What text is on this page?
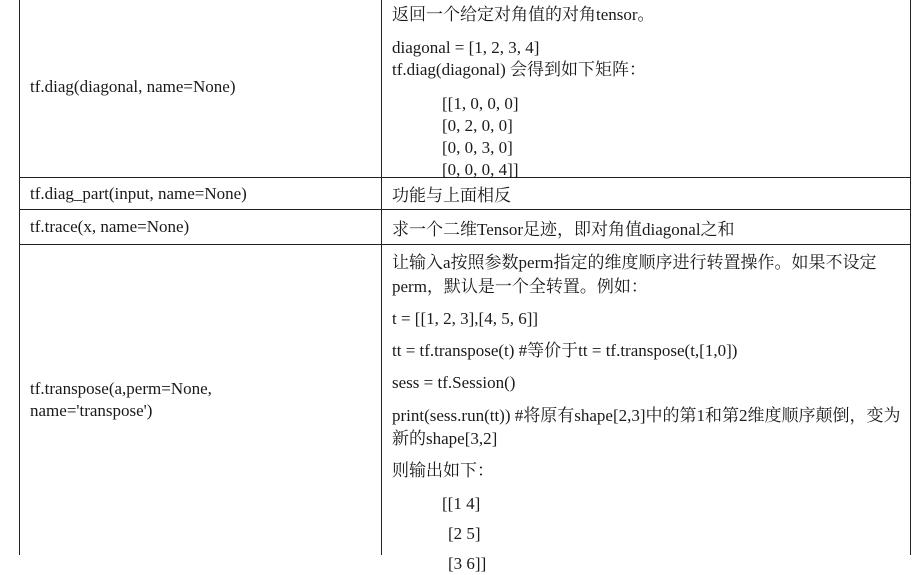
tf.diag(diagonal, name=None)
返回一个给定对角值的对角tensor。
diagonal = [1, 2, 3, 4]
tf.diag(diagonal) 会得到如下矩阵：
[[1, 0, 0, 0]
[0, 2, 0, 0]
[0, 0, 3, 0]
[0, 0, 0, 4]]
tf.diag_part(input, name=None)	功能与上面相反
tf.trace(x, name=None)	求一个二维Tensor足迹，即对角值diagonal之和
tf.transpose(a,perm=None, name='transpose')
让输入a按照参数perm指定的维度顺序进行转置操作。如果不设定perm，默认是一个全转置。例如：
t = [[1, 2, 3],[4, 5, 6]]
tt = tf.transpose(t) #等价于tt = tf.transpose(t,[1,0])
sess = tf.Session()
print(sess.run(tt)) #将原有shape[2,3]中的第1和第2维度顺序颠倒，变为新的shape[3,2]
则输出如下：
[[1 4]
[2 5]
[3 6]]
